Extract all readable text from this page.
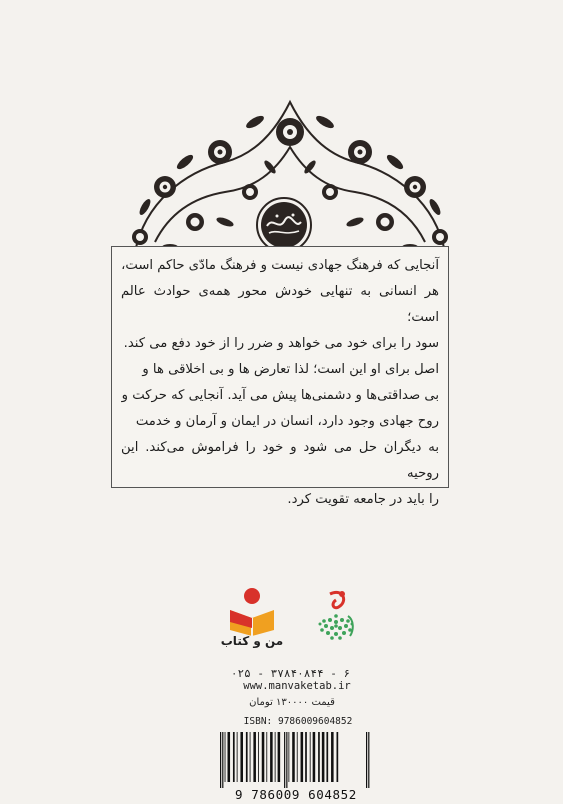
آنجایی که فرهنگ جهادی نیست و فرهنگ مادّی حاکم است،

هر انسانی به تنهایی خودش محور همه‌ی حوادث عالم است؛

سود را برای خود می خواهد و ضرر را از خود دفع می کند.

اصل برای او این است؛ لذا تعارض ها و بی اخلاقی ها و

بی صداقتی‌ها و دشمنی‌ها پیش می آید. آنجایی که حرکت و

روح جهادی وجود دارد، انسان در ایمان و آرمان و خدمت

به دیگران حل می شود و خود را فراموش می‌کند. این روحیه

را باید در جامعه تقویت کرد.

من و کتاب
۰۲۵ - ۳۷۸۴۰۸۴۴ - ۶
www.manvaketab.ir
قیمت ۱۳۰۰۰۰ تومان
ISBN: 9786009604852
9 786009 604852
